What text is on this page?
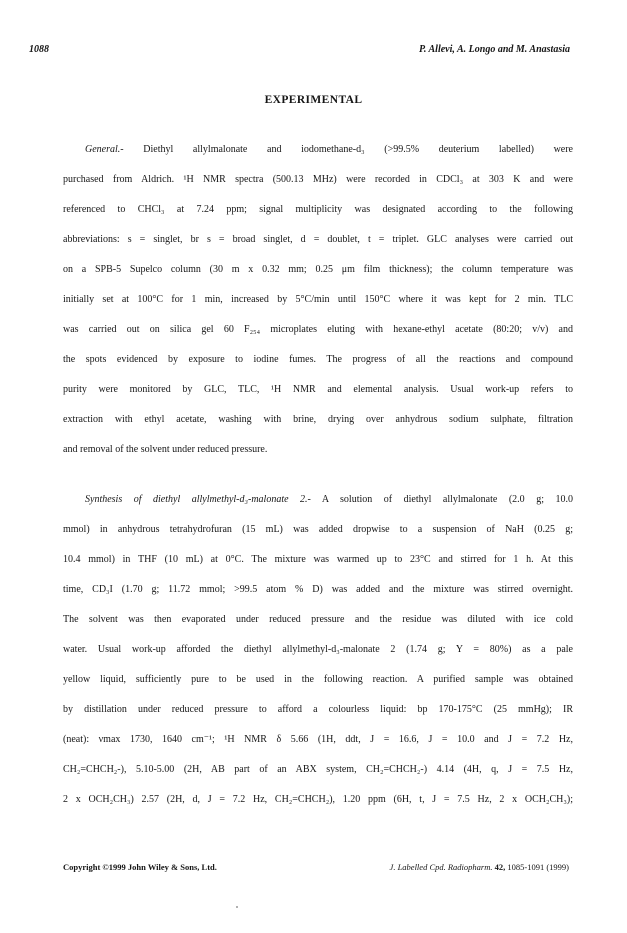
1088	P. Allevi, A. Longo and M. Anastasia
EXPERIMENTAL
General.- Diethyl allylmalonate and iodomethane-d₃ (>99.5% deuterium labelled) were
purchased from Aldrich. ¹H NMR spectra (500.13 MHz) were recorded in CDCl₃ at 303 K and were
referenced to CHCl₃ at 7.24 ppm; signal multiplicity was designated according to the following
abbreviations: s = singlet, br s = broad singlet, d = doublet, t = triplet. GLC analyses were carried out
on a SPB-5 Supelco column (30 m x 0.32 mm; 0.25 μm film thickness); the column temperature was
initially set at 100°C for 1 min, increased by 5°C/min until 150°C where it was kept for 2 min. TLC
was carried out on silica gel 60 F₂₅₄ microplates eluting with hexane-ethyl acetate (80:20; v/v) and
the spots evidenced by exposure to iodine fumes. The progress of all the reactions and compound
purity were monitored by GLC, TLC, ¹H NMR and elemental analysis. Usual work-up refers to
extraction with ethyl acetate, washing with brine, drying over anhydrous sodium sulphate, filtration
and removal of the solvent under reduced pressure.
Synthesis of diethyl allylmethyl-d₃-malonate 2.- A solution of diethyl allylmalonate (2.0 g; 10.0
mmol) in anhydrous tetrahydrofuran (15 mL) was added dropwise to a suspension of NaH (0.25 g;
10.4 mmol) in THF (10 mL) at 0°C. The mixture was warmed up to 23°C and stirred for 1 h. At this
time, CD₃I (1.70 g; 11.72 mmol; >99.5 atom % D) was added and the mixture was stirred overnight.
The solvent was then evaporated under reduced pressure and the residue was diluted with ice cold
water. Usual work-up afforded the diethyl allylmethyl-d₃-malonate 2 (1.74 g; Y = 80%) as a pale
yellow liquid, sufficiently pure to be used in the following reaction. A purified sample was obtained
by distillation under reduced pressure to afford a colourless liquid: bp 170-175°C (25 mmHg); IR
(neat): νmax 1730, 1640 cm⁻¹; ¹H NMR δ 5.66 (1H, ddt, J = 16.6, J = 10.0 and J = 7.2 Hz,
CH₂=CHCH₂-), 5.10-5.00 (2H, AB part of an ABX system, CH₂=CHCH₂-) 4.14 (4H, q, J = 7.5 Hz,
2 x OCH₂CH₃) 2.57 (2H, d, J = 7.2 Hz, CH₂=CHCH₂), 1.20 ppm (6H, t, J = 7.5 Hz, 2 x OCH₂CH₃);
Copyright ©1999 John Wiley & Sons, Ltd.	J. Labelled Cpd. Radiopharm. 42, 1085-1091 (1999)
